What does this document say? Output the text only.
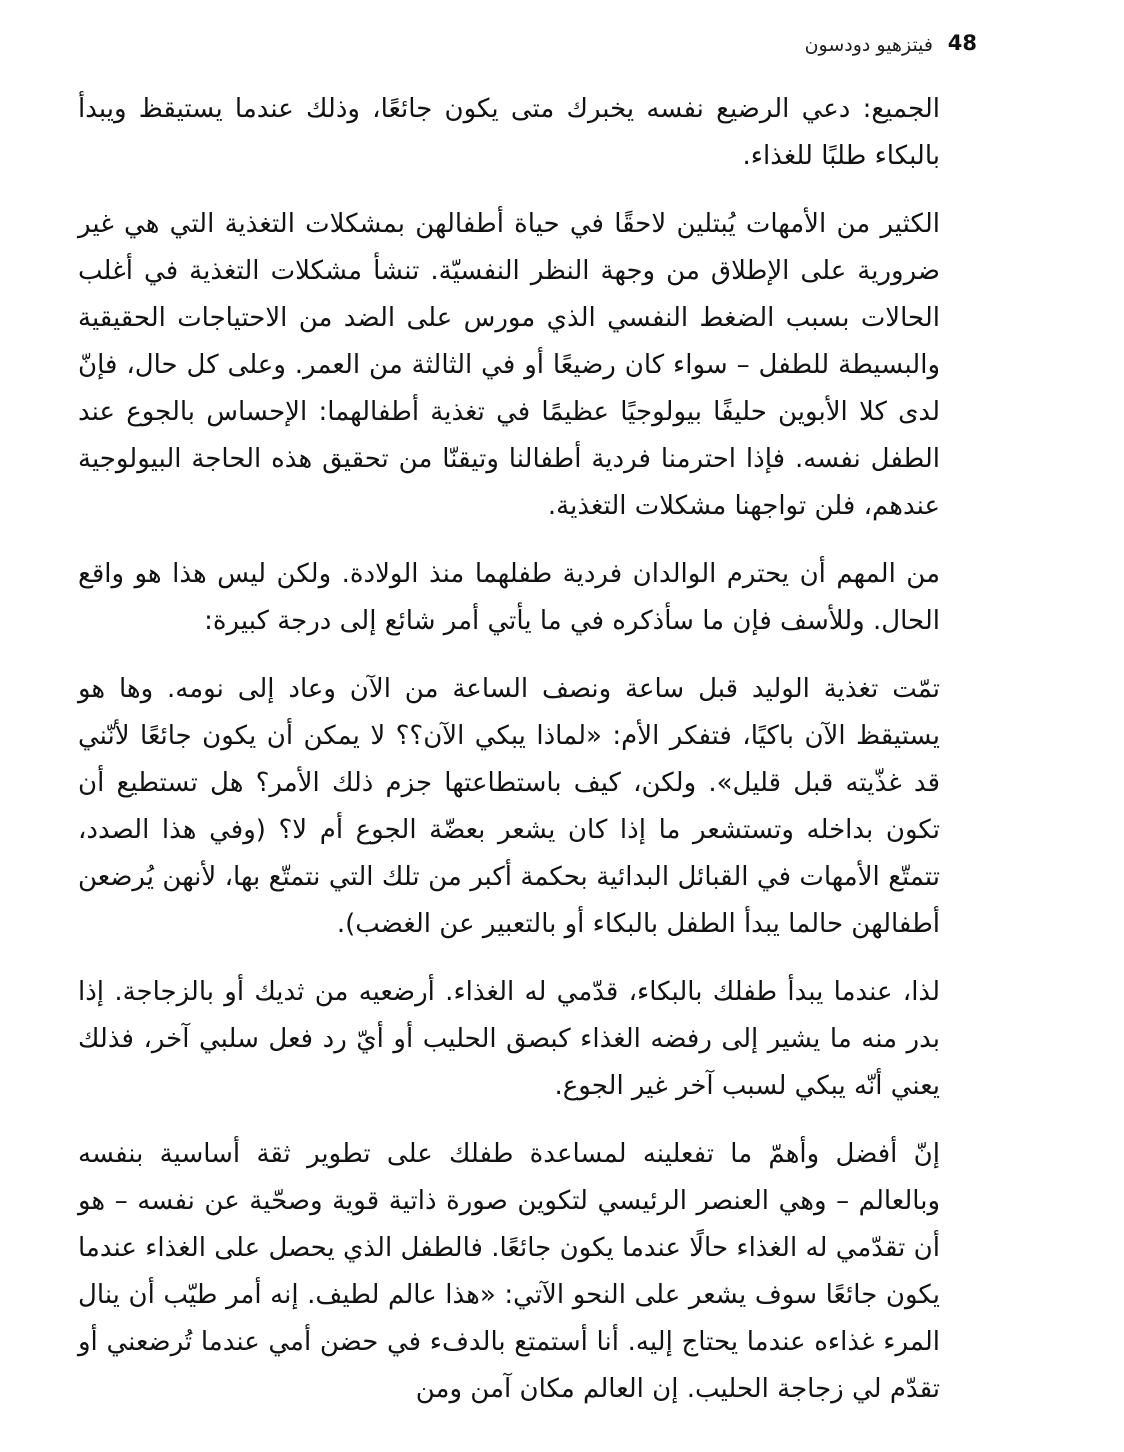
فيتزهيو دودسون 48

الجميع: دعي الرضيع نفسه يخبرك متى يكون جائعًا، وذلك عندما يستيقظ ويبدأ بالبكاء طلبًا للغذاء.

الكثير من الأمهات يُبتلين لاحقًا في حياة أطفالهن بمشكلات التغذية التي هي غير ضرورية على الإطلاق من وجهة النظر النفسيّة. تنشأ مشكلات التغذية في أغلب الحالات بسبب الضغط النفسي الذي مورس على الضد من الاحتياجات الحقيقية والبسيطة للطفل – سواء كان رضيعًا أو في الثالثة من العمر. وعلى كل حال، فإنّ لدى كلا الأبوين حليفًا بيولوجيًا عظيمًا في تغذية أطفالهما: الإحساس بالجوع عند الطفل نفسه. فإذا احترمنا فردية أطفالنا وتيقنّا من تحقيق هذه الحاجة البيولوجية عندهم، فلن تواجهنا مشكلات التغذية.

من المهم أن يحترم الوالدان فردية طفلهما منذ الولادة. ولكن ليس هذا هو واقع الحال. وللأسف فإن ما سأذكره في ما يأتي أمر شائع إلى درجة كبيرة:

تمّت تغذية الوليد قبل ساعة ونصف الساعة من الآن وعاد إلى نومه. وها هو يستيقظ الآن باكيًا، فتفكر الأم: «لماذا يبكي الآن؟؟ لا يمكن أن يكون جائعًا لأنّني قد غذّيته قبل قليل». ولكن، كيف باستطاعتها جزم ذلك الأمر؟ هل تستطيع أن تكون بداخله وتستشعر ما إذا كان يشعر بعضّة الجوع أم لا؟ (وفي هذا الصدد، تتمتّع الأمهات في القبائل البدائية بحكمة أكبر من تلك التي نتمتّع بها، لأنهن يُرضعن أطفالهن حالما يبدأ الطفل بالبكاء أو بالتعبير عن الغضب).

لذا، عندما يبدأ طفلك بالبكاء، قدّمي له الغذاء. أرضعيه من ثديك أو بالزجاجة. إذا بدر منه ما يشير إلى رفضه الغذاء كبصق الحليب أو أيّ رد فعل سلبي آخر، فذلك يعني أنّه يبكي لسبب آخر غير الجوع.

إنّ أفضل وأهمّ ما تفعلينه لمساعدة طفلك على تطوير ثقة أساسية بنفسه وبالعالم – وهي العنصر الرئيسي لتكوين صورة ذاتية قوية وصحّية عن نفسه – هو أن تقدّمي له الغذاء حالًا عندما يكون جائعًا. فالطفل الذي يحصل على الغذاء عندما يكون جائعًا سوف يشعر على النحو الآتي: «هذا عالم لطيف. إنه أمر طيّب أن ينال المرء غذاءه عندما يحتاج إليه. أنا أستمتع بالدفء في حضن أمي عندما تُرضعني أو تقدّم لي زجاجة الحليب. إن العالم مكان آمن ومن
